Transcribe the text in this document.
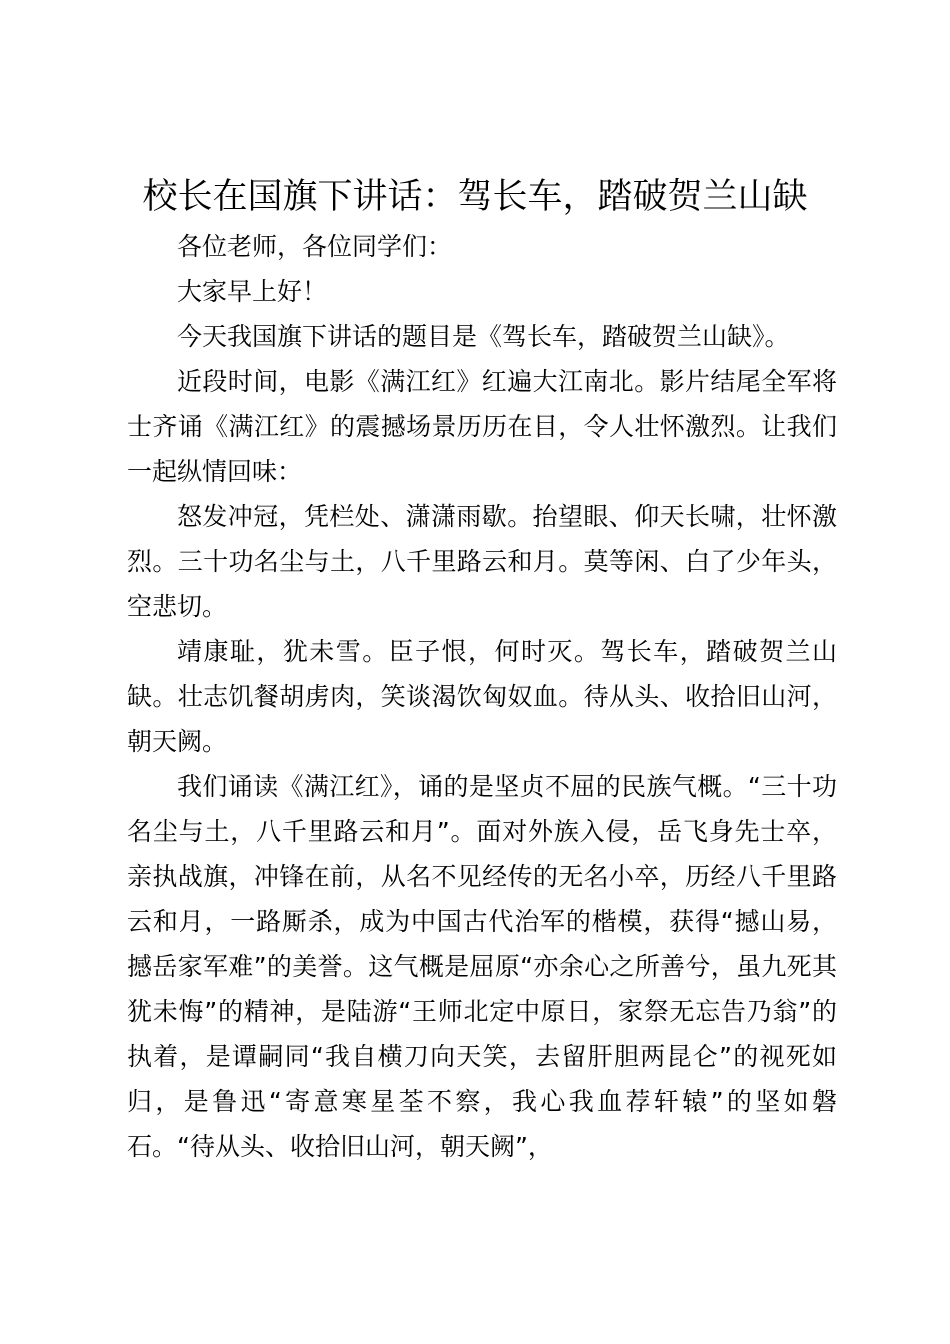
校长在国旗下讲话：驾长车，踏破贺兰山缺

各位老师，各位同学们：

大家早上好！

今天我国旗下讲话的题目是《驾长车，踏破贺兰山缺》。

近段时间，电影《满江红》红遍大江南北。影片结尾全军将士齐诵《满江红》的震撼场景历历在目，令人壮怀激烈。让我们一起纵情回味：

怒发冲冠，凭栏处、潇潇雨歇。抬望眼、仰天长啸，壮怀激烈。三十功名尘与土，八千里路云和月。莫等闲、白了少年头，空悲切。

靖康耻，犹未雪。臣子恨，何时灭。驾长车，踏破贺兰山缺。壮志饥餐胡虏肉，笑谈渴饮匈奴血。待从头、收拾旧山河，朝天阙。

我们诵读《满江红》，诵的是坚贞不屈的民族气概。“三十功名尘与土，八千里路云和月”。面对外族入侵，岳飞身先士卒，亲执战旗，冲锋在前，从名不见经传的无名小卒，历经八千里路云和月，一路厮杀，成为中国古代治军的楷模，获得“撼山易，撼岳家军难”的美誉。这气概是屈原“亦余心之所善兮，虽九死其犹未悔”的精神，是陆游“王师北定中原日，家祭无忘告乃翁”的执着，是谭嗣同“我自横刀向天笑，去留肝胆两昆仑”的视死如归，是鲁迅“寄意寒星荃不察，我心我血荐轩辕”的坚如磐石。“待从头、收拾旧山河，朝天阙”，
